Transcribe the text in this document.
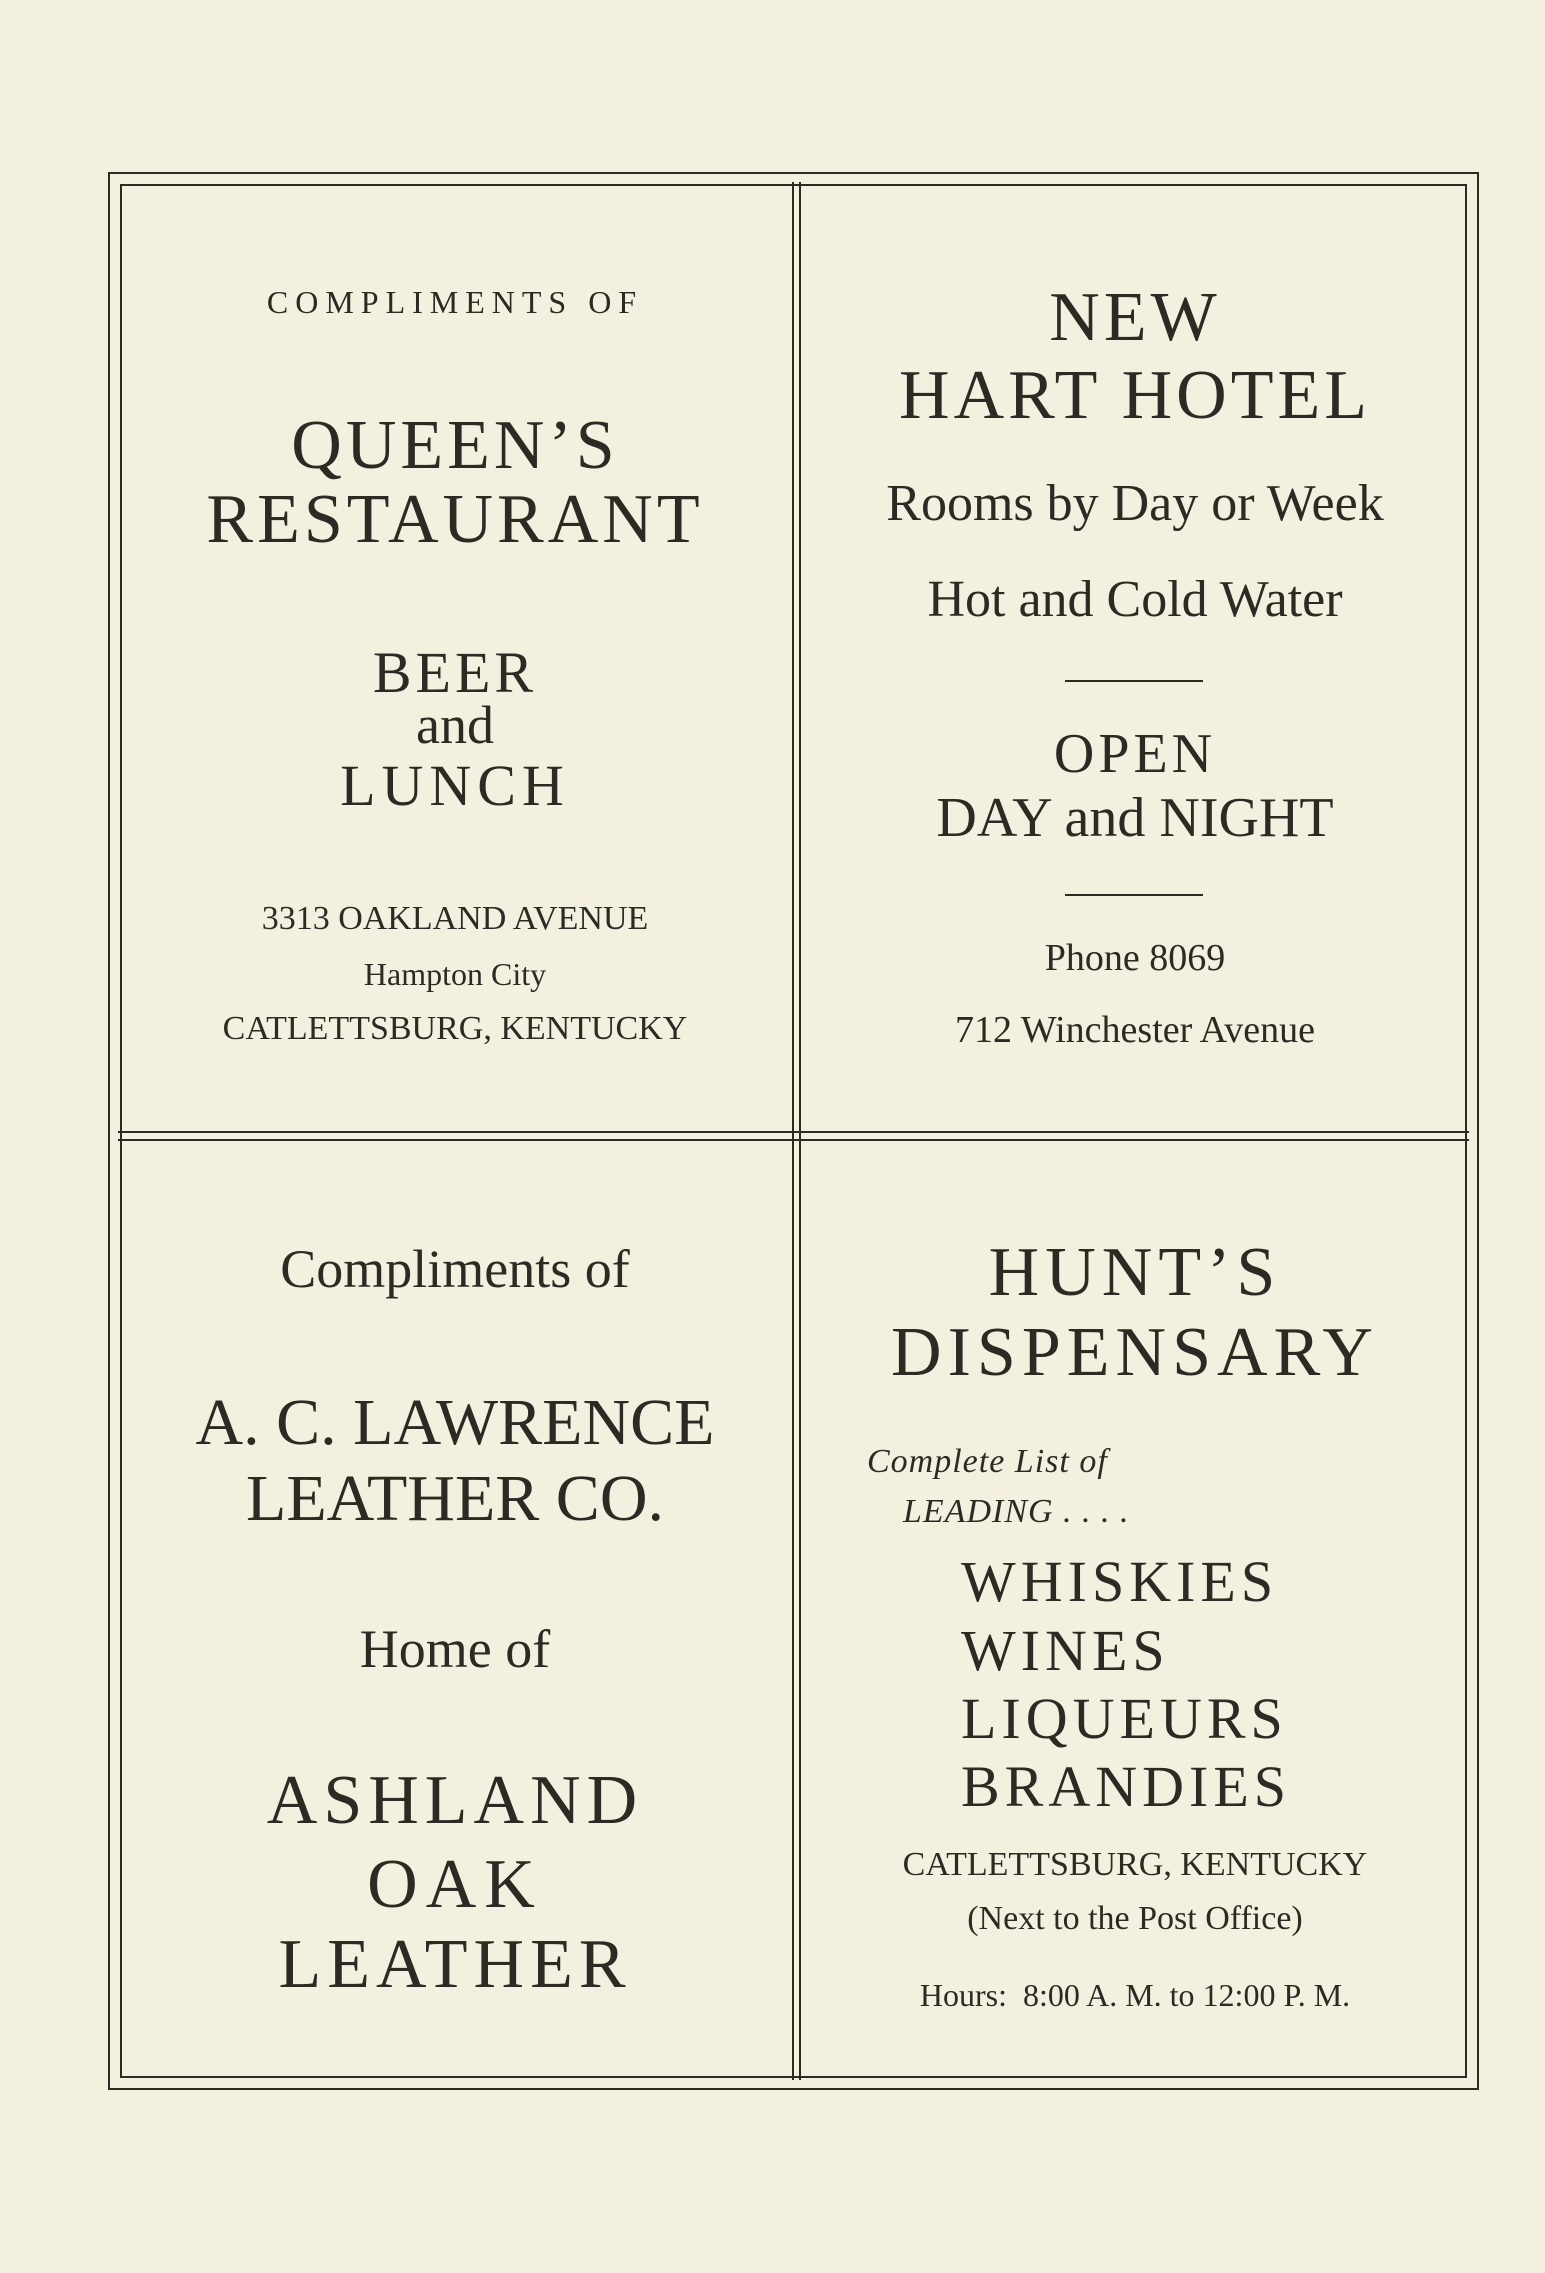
COMPLIMENTS OF
QUEEN’S
RESTAURANT
BEER
and
LUNCH
3313 OAKLAND AVENUE
Hampton City
CATLETTSBURG, KENTUCKY
NEW
HART HOTEL
Rooms by Day or Week
Hot and Cold Water
OPEN
DAY and NIGHT
Phone 8069
712 Winchester Avenue
Compliments of
A. C. LAWRENCE
LEATHER CO.
Home of
ASHLAND
OAK
LEATHER
HUNT’S
DISPENSARY
Complete List of
LEADING . . . .
WHISKIES
WINES
LIQUEURS
BRANDIES
CATLETTSBURG, KENTUCKY
(Next to the Post Office)
Hours:  8:00 A. M. to 12:00 P. M.
